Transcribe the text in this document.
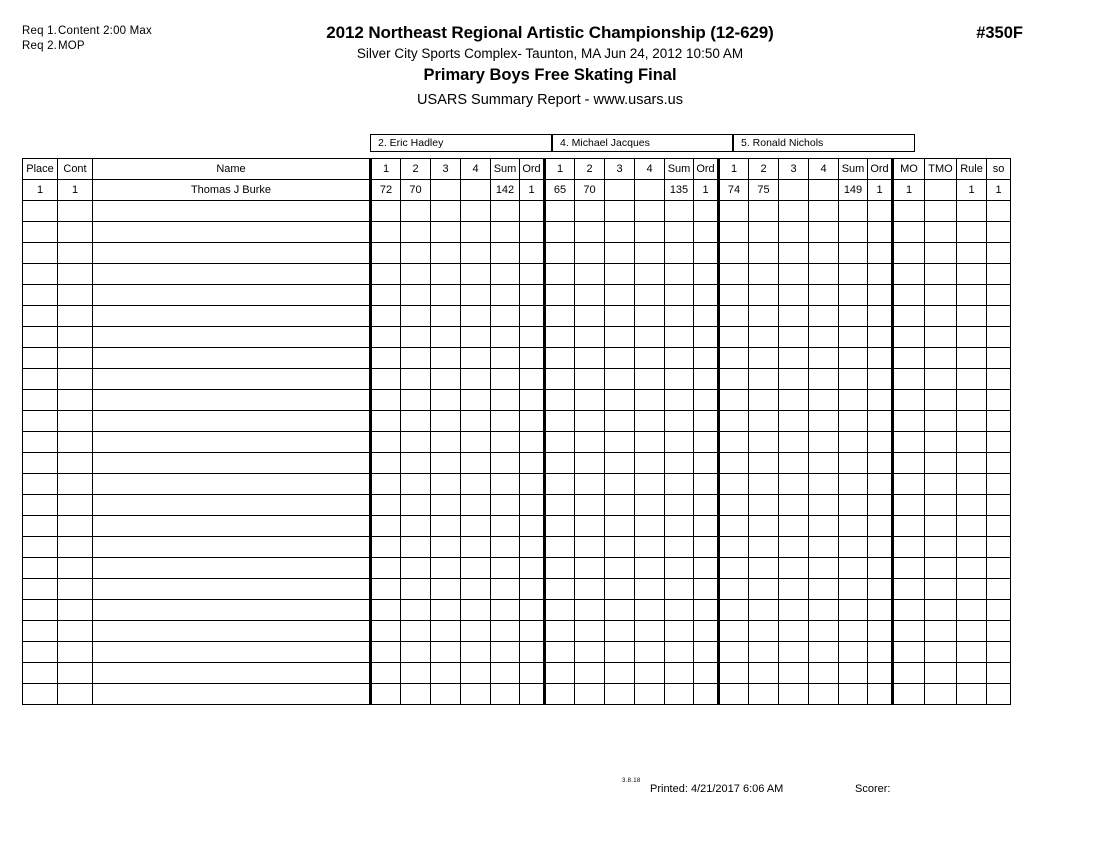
Req 1.Content 2:00 Max
Req 2.MOP
2012 Northeast Regional Artistic Championship (12-629)
Silver City Sports Complex- Taunton, MA Jun 24, 2012 10:50 AM
Primary Boys Free Skating Final
USARS Summary Report - www.usars.us
#350F
2. Eric Hadley	4. Michael Jacques	5. Ronald Nichols
Place	Cont	Name	1	2	3	4	Sum	Ord	1	2	3	4	Sum	Ord	1	2	3	4	Sum	Ord	MO	TMO	Rule	so
1	1	Thomas J Burke	72	70			142	1	65	70			135	1	74	75			149	1	1		1	1

3.8.18
Printed: 4/21/2017 6:06 AM	Scorer:
